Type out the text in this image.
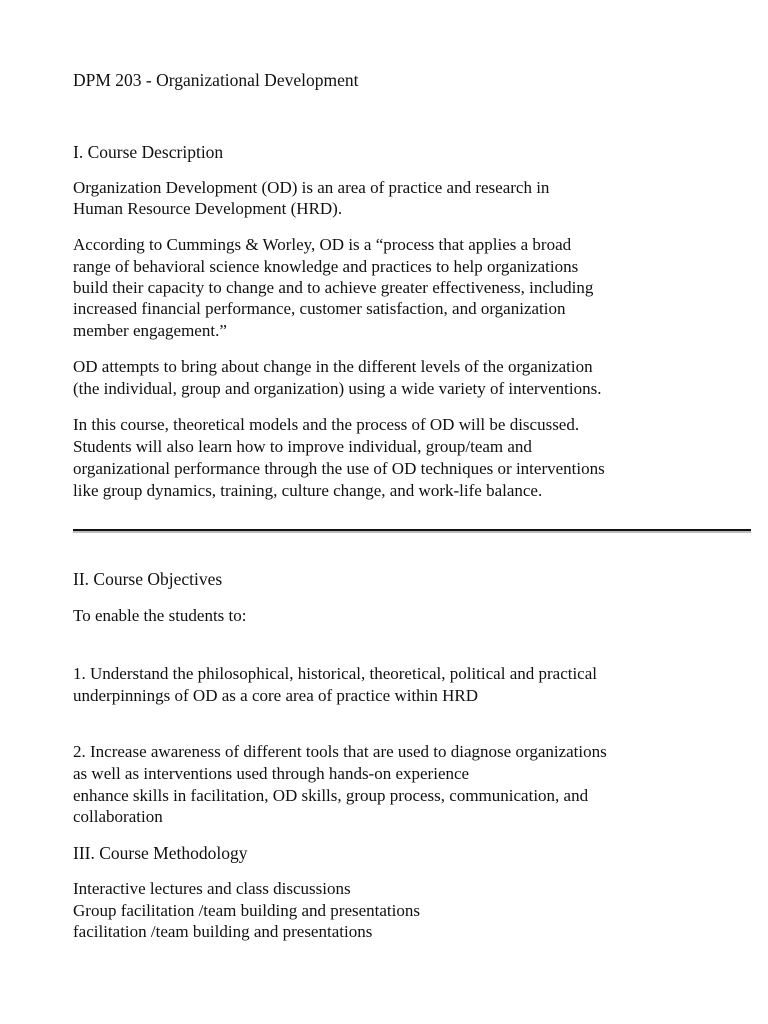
DPM 203 - Organizational Development

I. Course Description

Organization Development (OD) is an area of practice and research in

Human Resource Development (HRD).

According to Cummings & Worley, OD is a “process that applies a broad

range of behavioral science knowledge and practices to help organizations

build their capacity to change and to achieve greater effectiveness, including

increased financial performance, customer satisfaction, and organization

member engagement.”

OD attempts to bring about change in the different levels of the organization

(the individual, group and organization) using a wide variety of interventions.

In this course, theoretical models and the process of OD will be discussed.

Students will also learn how to improve individual, group/team and

organizational performance through the use of OD techniques or interventions

like group dynamics, training, culture change, and work-life balance.

II. Course Objectives

To enable the students to:

1. Understand the philosophical, historical, theoretical, political and practical

underpinnings of OD as a core area of practice within HRD

2. Increase awareness of different tools that are used to diagnose organizations

as well as interventions used through hands-on experience

enhance skills in facilitation, OD skills, group process, communication, and

collaboration

III. Course Methodology

Interactive lectures and class discussions

Group facilitation /team building and presentations

facilitation /team building and presentations
